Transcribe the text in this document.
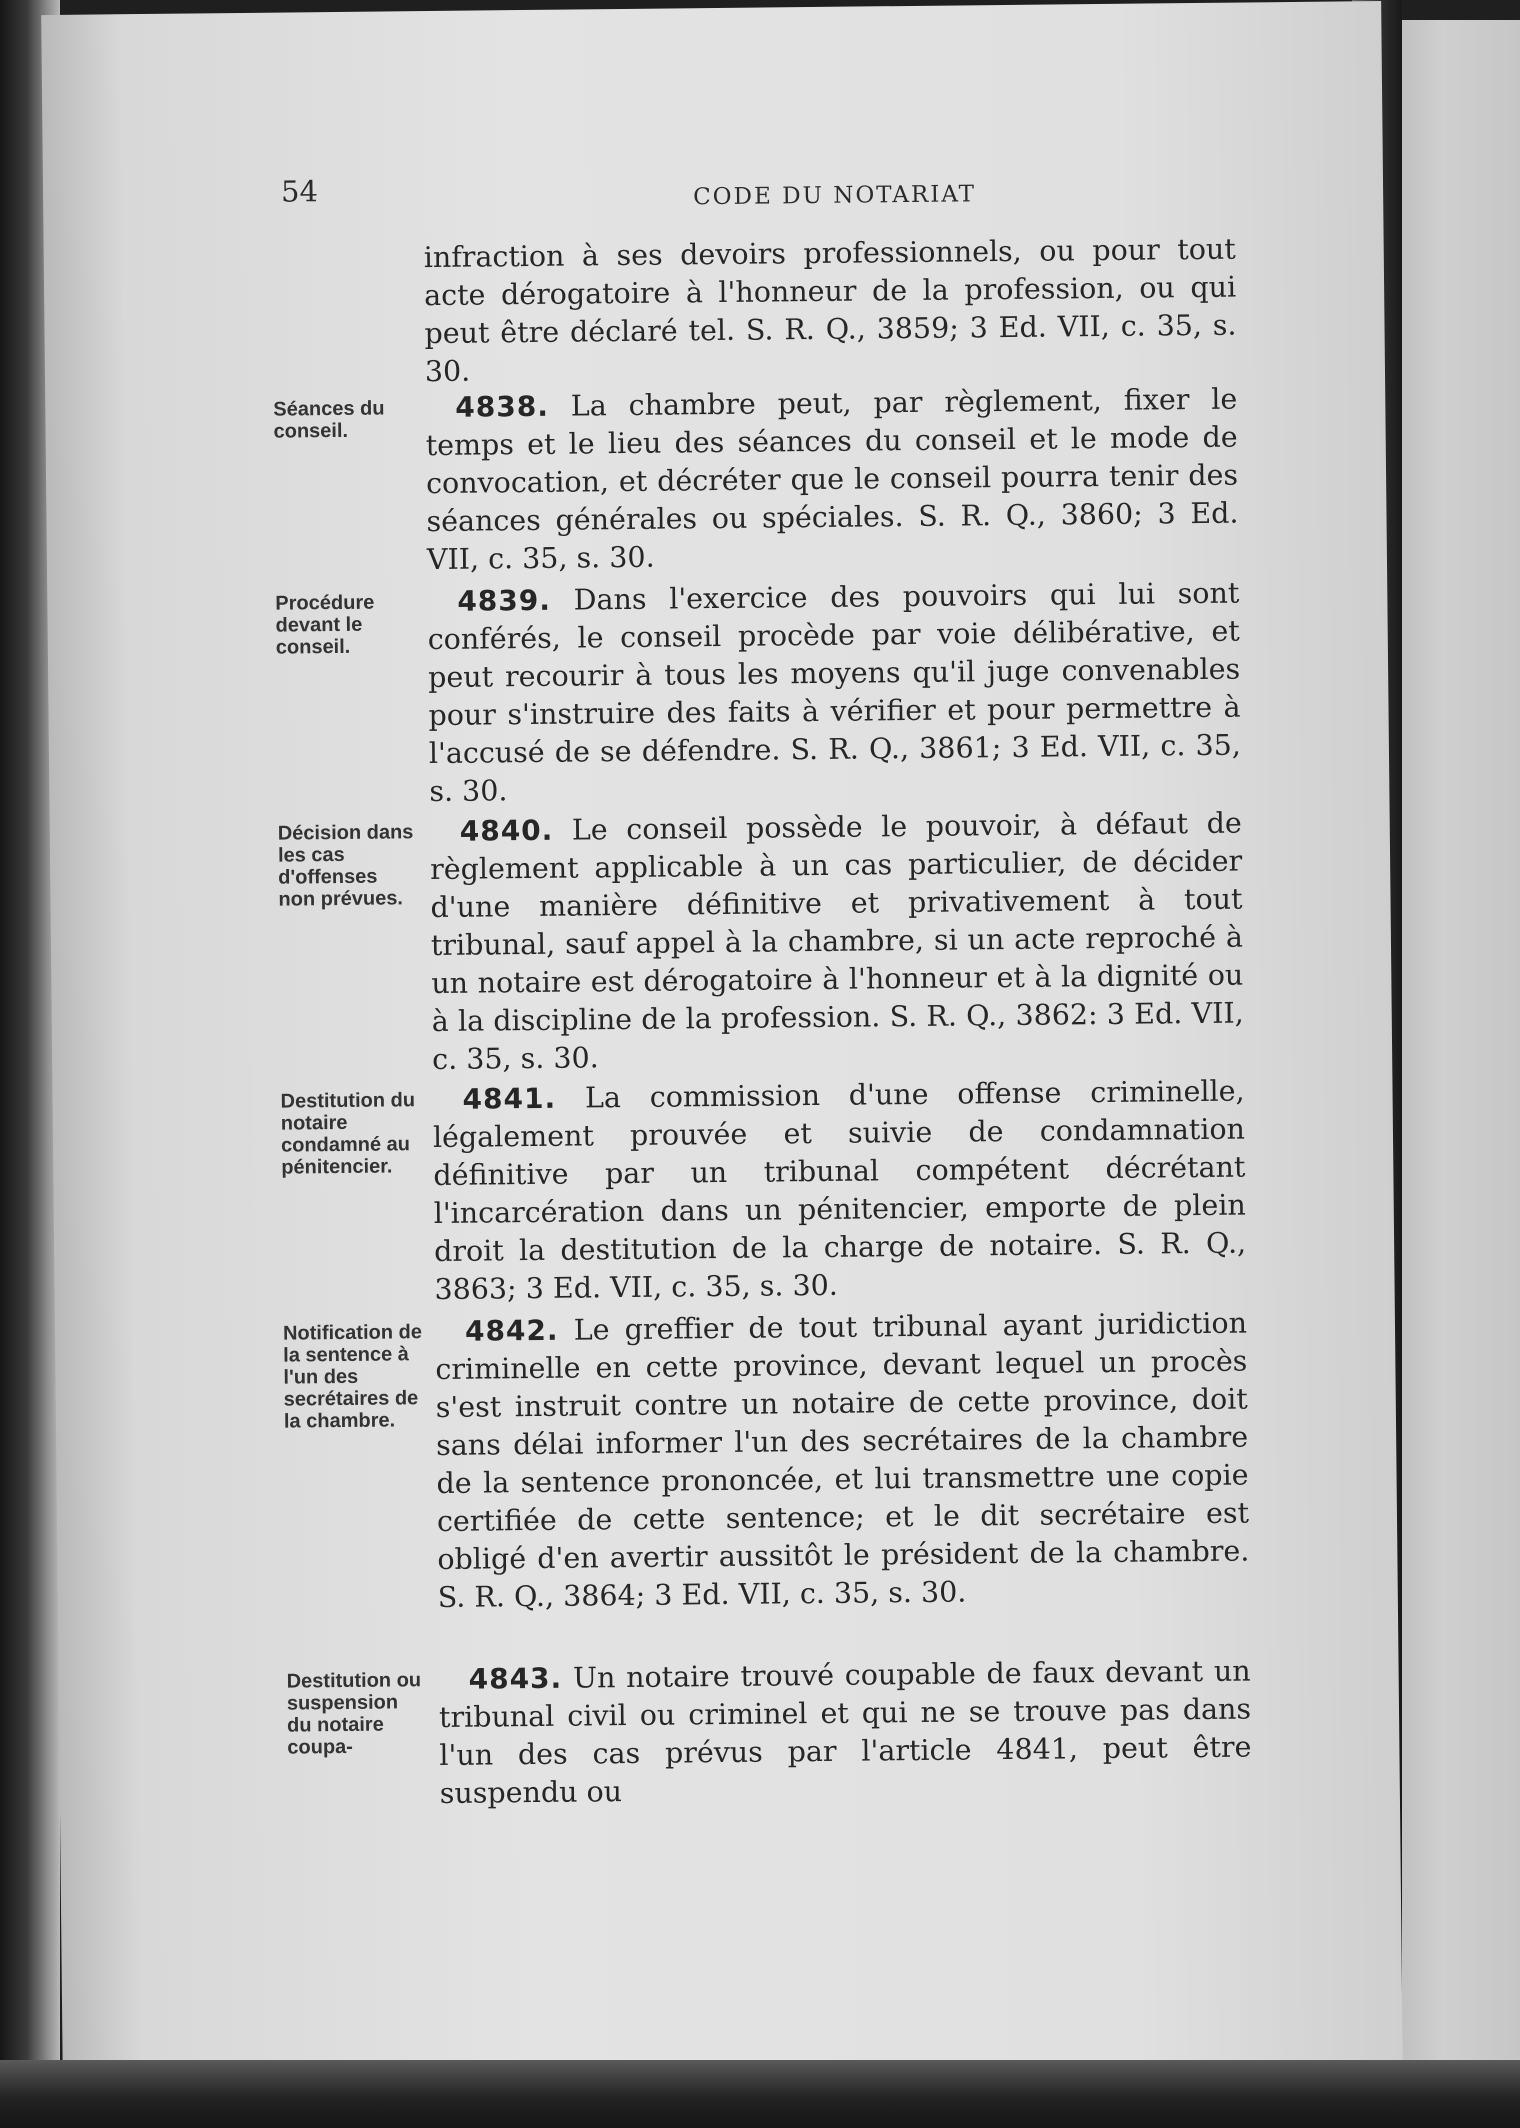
54	CODE DU NOTARIAT

infraction à ses devoirs professionnels, ou pour tout acte dérogatoire à l'honneur de la profession, ou qui peut être déclaré tel. S. R. Q., 3859; 3 Ed. VII, c. 35, s. 30.

Séances du conseil.

4838. La chambre peut, par règlement, fixer le temps et le lieu des séances du conseil et le mode de convocation, et décréter que le conseil pourra tenir des séances générales ou spéciales. S. R. Q., 3860; 3 Ed. VII, c. 35, s. 30.

Procédure devant le conseil.

4839. Dans l'exercice des pouvoirs qui lui sont conférés, le conseil procède par voie délibérative, et peut recourir à tous les moyens qu'il juge convenables pour s'instruire des faits à vérifier et pour permettre à l'accusé de se défendre. S. R. Q., 3861; 3 Ed. VII, c. 35, s. 30.

Décision dans les cas d'offenses non prévues.

4840. Le conseil possède le pouvoir, à défaut de règlement applicable à un cas particulier, de décider d'une manière définitive et privativement à tout tribunal, sauf appel à la chambre, si un acte reproché à un notaire est dérogatoire à l'honneur et à la dignité ou à la discipline de la profession. S. R. Q., 3862: 3 Ed. VII, c. 35, s. 30.

Destitution du notaire condamné au pénitencier.

4841. La commission d'une offense criminelle, légalement prouvée et suivie de condamnation définitive par un tribunal compétent décrétant l'incarcération dans un pénitencier, emporte de plein droit la destitution de la charge de notaire. S. R. Q., 3863; 3 Ed. VII, c. 35, s. 30.

Notification de la sentence à l'un des secrétaires de la chambre.

4842. Le greffier de tout tribunal ayant juridiction criminelle en cette province, devant lequel un procès s'est instruit contre un notaire de cette province, doit sans délai informer l'un des secrétaires de la chambre de la sentence prononcée, et lui transmettre une copie certifiée de cette sentence; et le dit secrétaire est obligé d'en avertir aussitôt le président de la chambre. S. R. Q., 3864; 3 Ed. VII, c. 35, s. 30.

Destitution ou suspension du notaire coupa-

4843. Un notaire trouvé coupable de faux devant un tribunal civil ou criminel et qui ne se trouve pas dans l'un des cas prévus par l'article 4841, peut être suspendu ou
